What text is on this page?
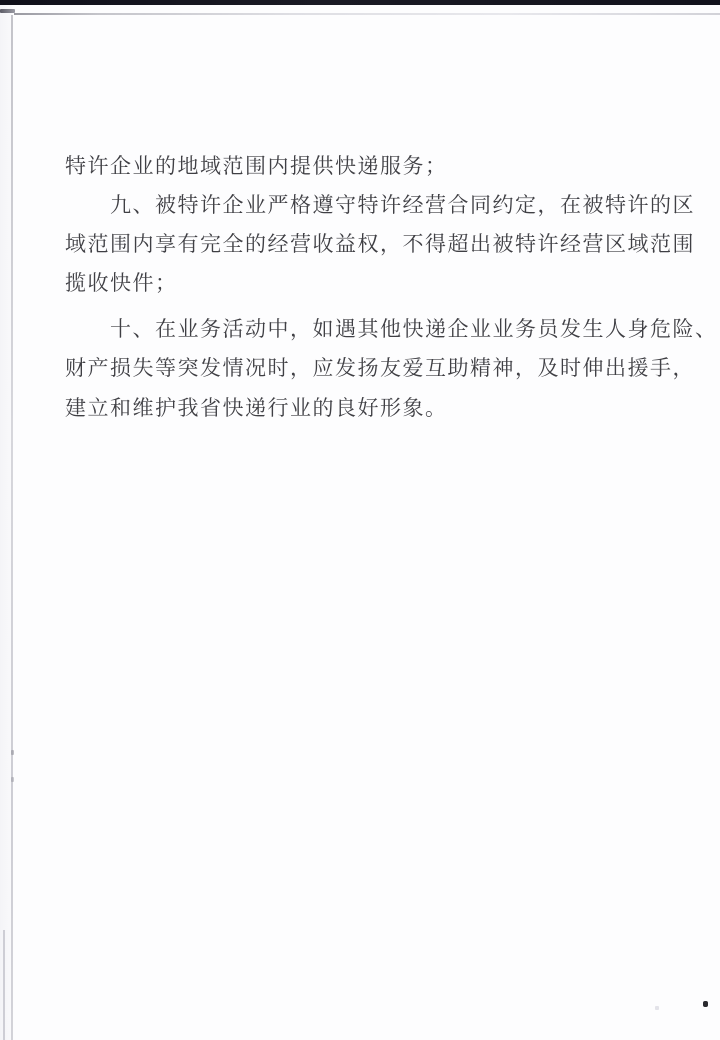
特许企业的地域范围内提供快递服务；
九、被特许企业严格遵守特许经营合同约定，在被特许的区
域范围内享有完全的经营收益权，不得超出被特许经营区域范围
揽收快件；
十、在业务活动中，如遇其他快递企业业务员发生人身危险、
财产损失等突发情况时，应发扬友爱互助精神，及时伸出援手，
建立和维护我省快递行业的良好形象。
